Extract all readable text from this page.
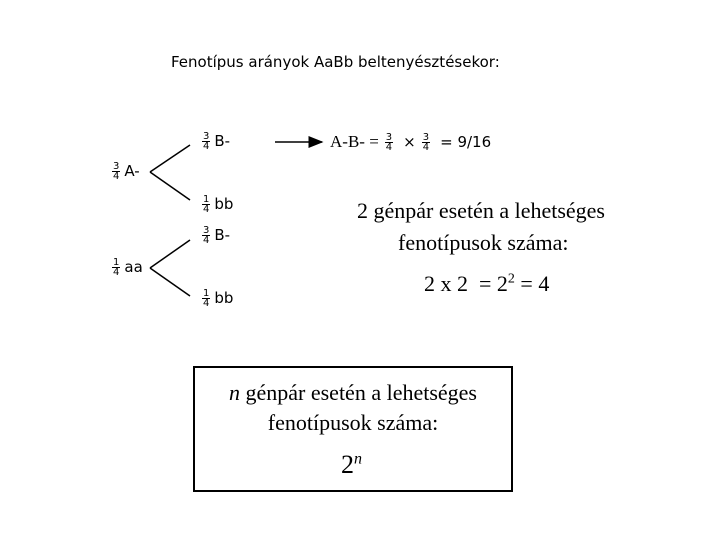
Fenotípus arányok AaBb beltenyésztésekor:
$\frac{3}{4} A-$
$\frac{1}{4}$ aa
$\frac{3}{4} B-$
$\frac{1}{4}$ bb
$\frac{3}{4} B-$
$\frac{1}{4}$ bb
$A-B- = \frac{3}{4} \times \frac{3}{4} = 9/16$
2 génpár esetén a lehetséges
fenotípusok száma:
2 x $2 = 2^2 = 4$
n génpár esetén a lehetséges
fenotípusok száma:
2$^n$
